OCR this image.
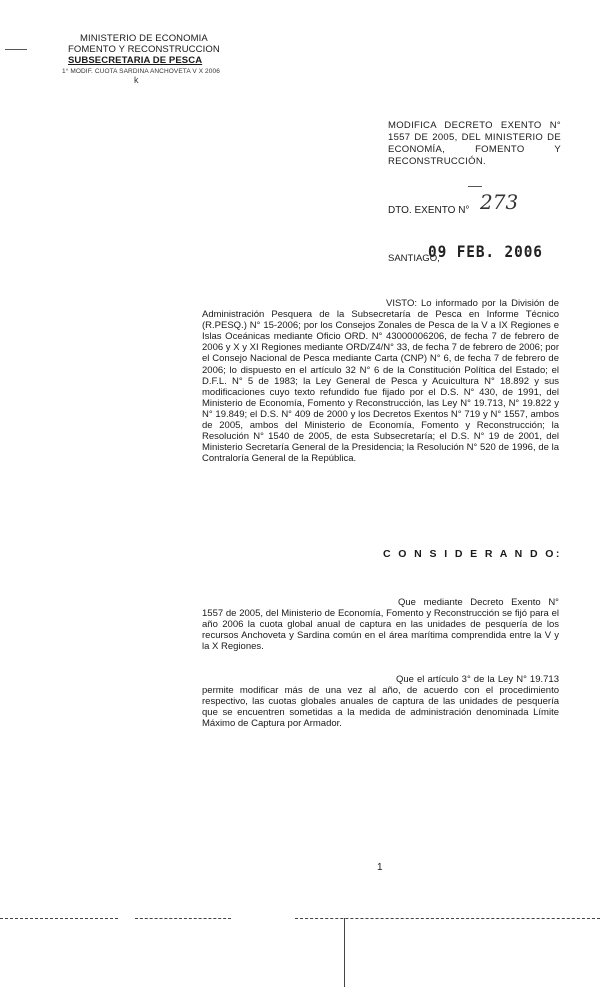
MINISTERIO DE ECONOMIA
FOMENTO Y RECONSTRUCCION
SUBSECRETARIA DE PESCA
1° MODIF. CUOTA SARDINA ANCHOVETA V X 2006
k
MODIFICA DECRETO EXENTO N° 1557 DE 2005, DEL MINISTERIO DE ECONOMÍA, FOMENTO Y RECONSTRUCCIÓN.
DTO. EXENTO N° 273
SANTIAGO,
09 FEB. 2006
VISTO: Lo informado por la División de Administración Pesquera de la Subsecretaría de Pesca en Informe Técnico (R.PESQ.) N° 15-2006; por los Consejos Zonales de Pesca de la V a IX Regiones e Islas Oceánicas mediante Oficio ORD. N° 43000006206, de fecha 7 de febrero de 2006 y X y XI Regiones mediante ORD/Z4/N° 33, de fecha 7 de febrero de 2006; por el Consejo Nacional de Pesca mediante Carta (CNP) N° 6, de fecha 7 de febrero de 2006; lo dispuesto en el artículo 32 N° 6 de la Constitución Política del Estado; el D.F.L. N° 5 de 1983; la Ley General de Pesca y Acuicultura N° 18.892 y sus modificaciones cuyo texto refundido fue fijado por el D.S. N° 430, de 1991, del Ministerio de Economía, Fomento y Reconstrucción, las Ley N° 19.713, N° 19.822 y N° 19.849; el D.S. N° 409 de 2000 y los Decretos Exentos N° 719 y N° 1557, ambos de 2005, ambos del Ministerio de Economía, Fomento y Reconstrucción; la Resolución N° 1540 de 2005, de esta Subsecretaría; el D.S. N° 19 de 2001, del Ministerio Secretaría General de la Presidencia; la Resolución N° 520 de 1996, de la Contraloría General de la República.
C O N S I D E R A N D O:
Que mediante Decreto Exento N° 1557 de 2005, del Ministerio de Economía, Fomento y Reconstrucción se fijó para el año 2006 la cuota global anual de captura en las unidades de pesquería de los recursos Anchoveta y Sardina común en el área marítima comprendida entre la V y la X Regiones.
Que el artículo 3° de la Ley N° 19.713 permite modificar más de una vez al año, de acuerdo con el procedimiento respectivo, las cuotas globales anuales de captura de las unidades de pesquería que se encuentren sometidas a la medida de administración denominada Límite Máximo de Captura por Armador.
1
